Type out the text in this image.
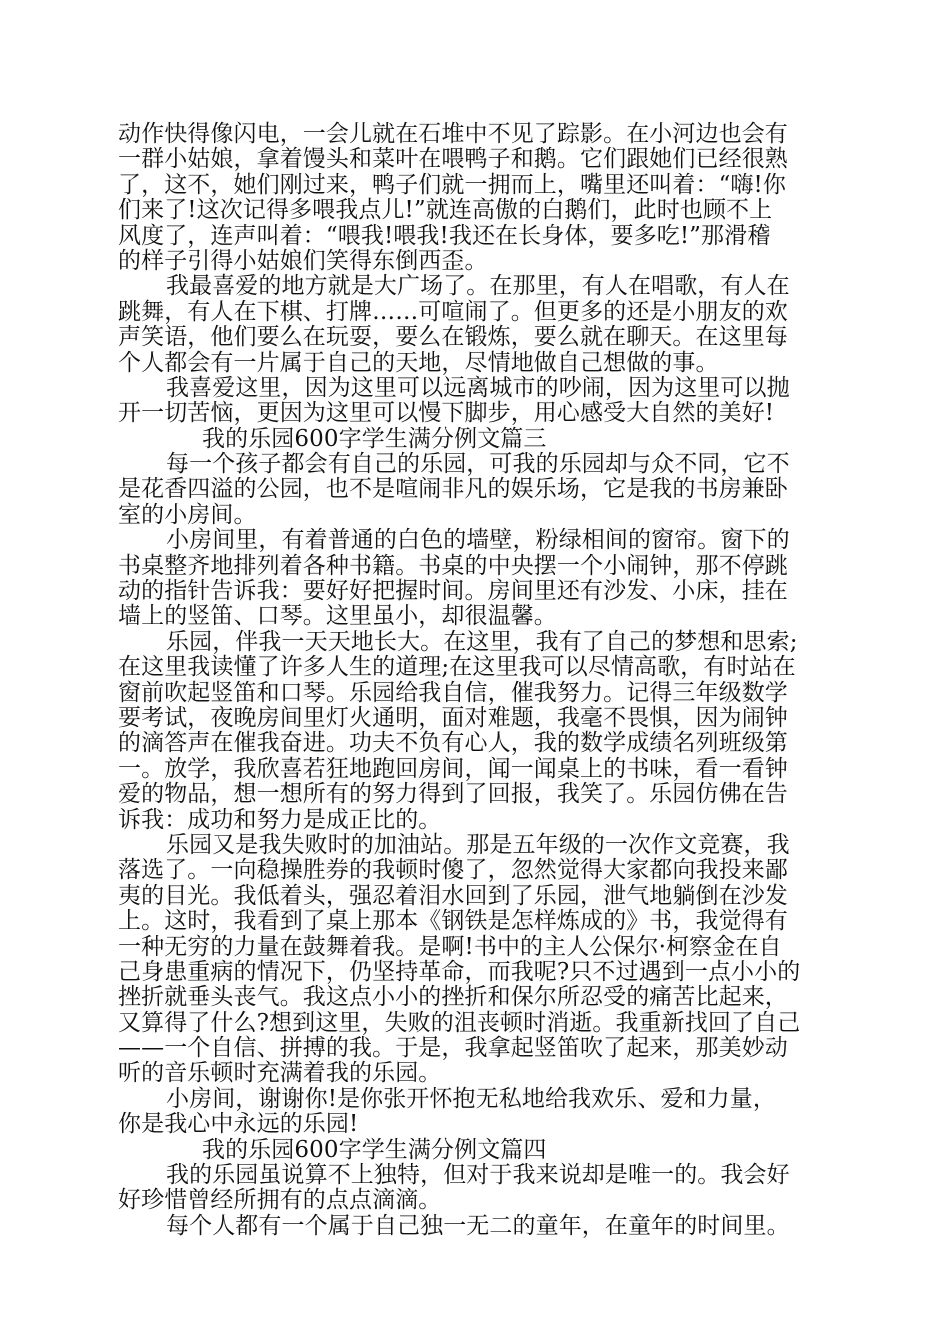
动作快得像闪电，一会儿就在石堆中不见了踪影。在小河边也会有
一群小姑娘，拿着馒头和菜叶在喂鸭子和鹅。它们跟她们已经很熟
了，这不，她们刚过来，鸭子们就一拥而上，嘴里还叫着：“嗨!你
们来了!这次记得多喂我点儿!”就连高傲的白鹅们，此时也顾不上
风度了，连声叫着：“喂我!喂我!我还在长身体，要多吃!”那滑稽
的样子引得小姑娘们笑得东倒西歪。
我最喜爱的地方就是大广场了。在那里，有人在唱歌，有人在
跳舞，有人在下棋、打牌……可喧闹了。但更多的还是小朋友的欢
声笑语，他们要么在玩耍，要么在锻炼，要么就在聊天。在这里每
个人都会有一片属于自己的天地，尽情地做自己想做的事。
我喜爱这里，因为这里可以远离城市的吵闹，因为这里可以抛
开一切苦恼，更因为这里可以慢下脚步，用心感受大自然的美好!
我的乐园600字学生满分例文篇三
每一个孩子都会有自己的乐园，可我的乐园却与众不同，它不
是花香四溢的公园，也不是喧闹非凡的娱乐场，它是我的书房兼卧
室的小房间。
小房间里，有着普通的白色的墙壁，粉绿相间的窗帘。窗下的
书桌整齐地排列着各种书籍。书桌的中央摆一个小闹钟，那不停跳
动的指针告诉我：要好好把握时间。房间里还有沙发、小床，挂在
墙上的竖笛、口琴。这里虽小，却很温馨。
乐园，伴我一天天地长大。在这里，我有了自己的梦想和思索;
在这里我读懂了许多人生的道理;在这里我可以尽情高歌，有时站在
窗前吹起竖笛和口琴。乐园给我自信，催我努力。记得三年级数学
要考试，夜晚房间里灯火通明，面对难题，我毫不畏惧，因为闹钟
的滴答声在催我奋进。功夫不负有心人，我的数学成绩名列班级第
一。放学，我欣喜若狂地跑回房间，闻一闻桌上的书味，看一看钟
爱的物品，想一想所有的努力得到了回报，我笑了。乐园仿佛在告
诉我：成功和努力是成正比的。
乐园又是我失败时的加油站。那是五年级的一次作文竞赛，我
落选了。一向稳操胜券的我顿时傻了，忽然觉得大家都向我投来鄙
夷的目光。我低着头，强忍着泪水回到了乐园，泄气地躺倒在沙发
上。这时，我看到了桌上那本《钢铁是怎样炼成的》书，我觉得有
一种无穷的力量在鼓舞着我。是啊!书中的主人公保尔·柯察金在自
己身患重病的情况下，仍坚持革命，而我呢?只不过遇到一点小小的
挫折就垂头丧气。我这点小小的挫折和保尔所忍受的痛苦比起来，
又算得了什么?想到这里，失败的沮丧顿时消逝。我重新找回了自己
——一个自信、拼搏的我。于是，我拿起竖笛吹了起来，那美妙动
听的音乐顿时充满着我的乐园。
小房间，谢谢你!是你张开怀抱无私地给我欢乐、爱和力量，
你是我心中永远的乐园!
我的乐园600字学生满分例文篇四
我的乐园虽说算不上独特，但对于我来说却是唯一的。我会好
好珍惜曾经所拥有的点点滴滴。
每个人都有一个属于自己独一无二的童年，在童年的时间里。
